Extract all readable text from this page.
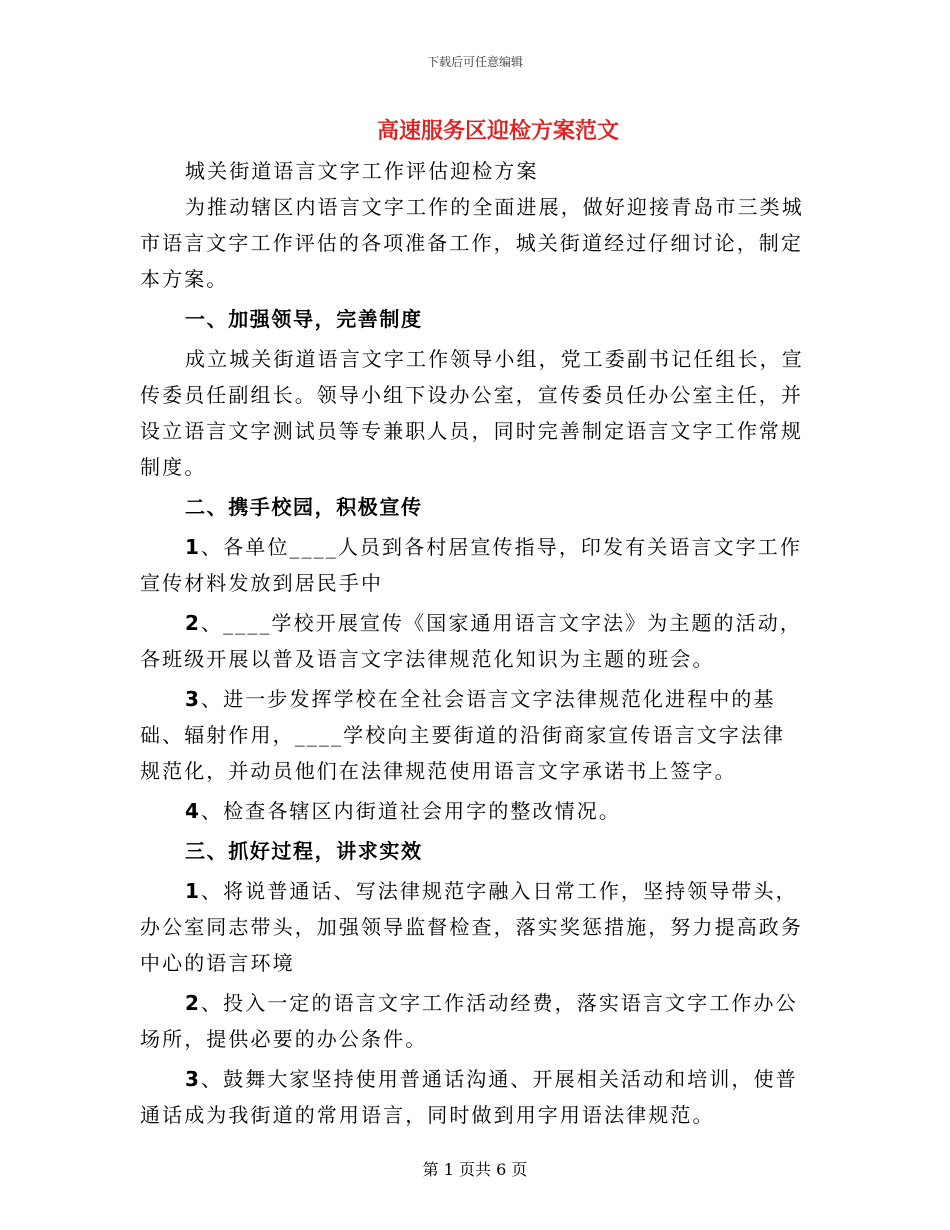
下载后可任意编辑
高速服务区迎检方案范文

城关街道语言文字工作评估迎检方案

为推动辖区内语言文字工作的全面进展，做好迎接青岛市三类城市语言文字工作评估的各项准备工作，城关街道经过仔细讨论，制定本方案。

一、加强领导，完善制度

成立城关街道语言文字工作领导小组，党工委副书记任组长，宣传委员任副组长。领导小组下设办公室，宣传委员任办公室主任，并设立语言文字测试员等专兼职人员，同时完善制定语言文字工作常规制度。

二、携手校园，积极宣传

1、各单位____人员到各村居宣传指导，印发有关语言文字工作宣传材料发放到居民手中

2、____学校开展宣传《国家通用语言文字法》为主题的活动，各班级开展以普及语言文字法律规范化知识为主题的班会。

3、进一步发挥学校在全社会语言文字法律规范化进程中的基础、辐射作用，____学校向主要街道的沿街商家宣传语言文字法律规范化，并动员他们在法律规范使用语言文字承诺书上签字。

4、检查各辖区内街道社会用字的整改情况。

三、抓好过程，讲求实效

1、将说普通话、写法律规范字融入日常工作，坚持领导带头，办公室同志带头，加强领导监督检查，落实奖惩措施，努力提高政务中心的语言环境

2、投入一定的语言文字工作活动经费，落实语言文字工作办公场所，提供必要的办公条件。

3、鼓舞大家坚持使用普通话沟通、开展相关活动和培训，使普通话成为我街道的常用语言，同时做到用字用语法律规范。

第 1 页共 6 页
